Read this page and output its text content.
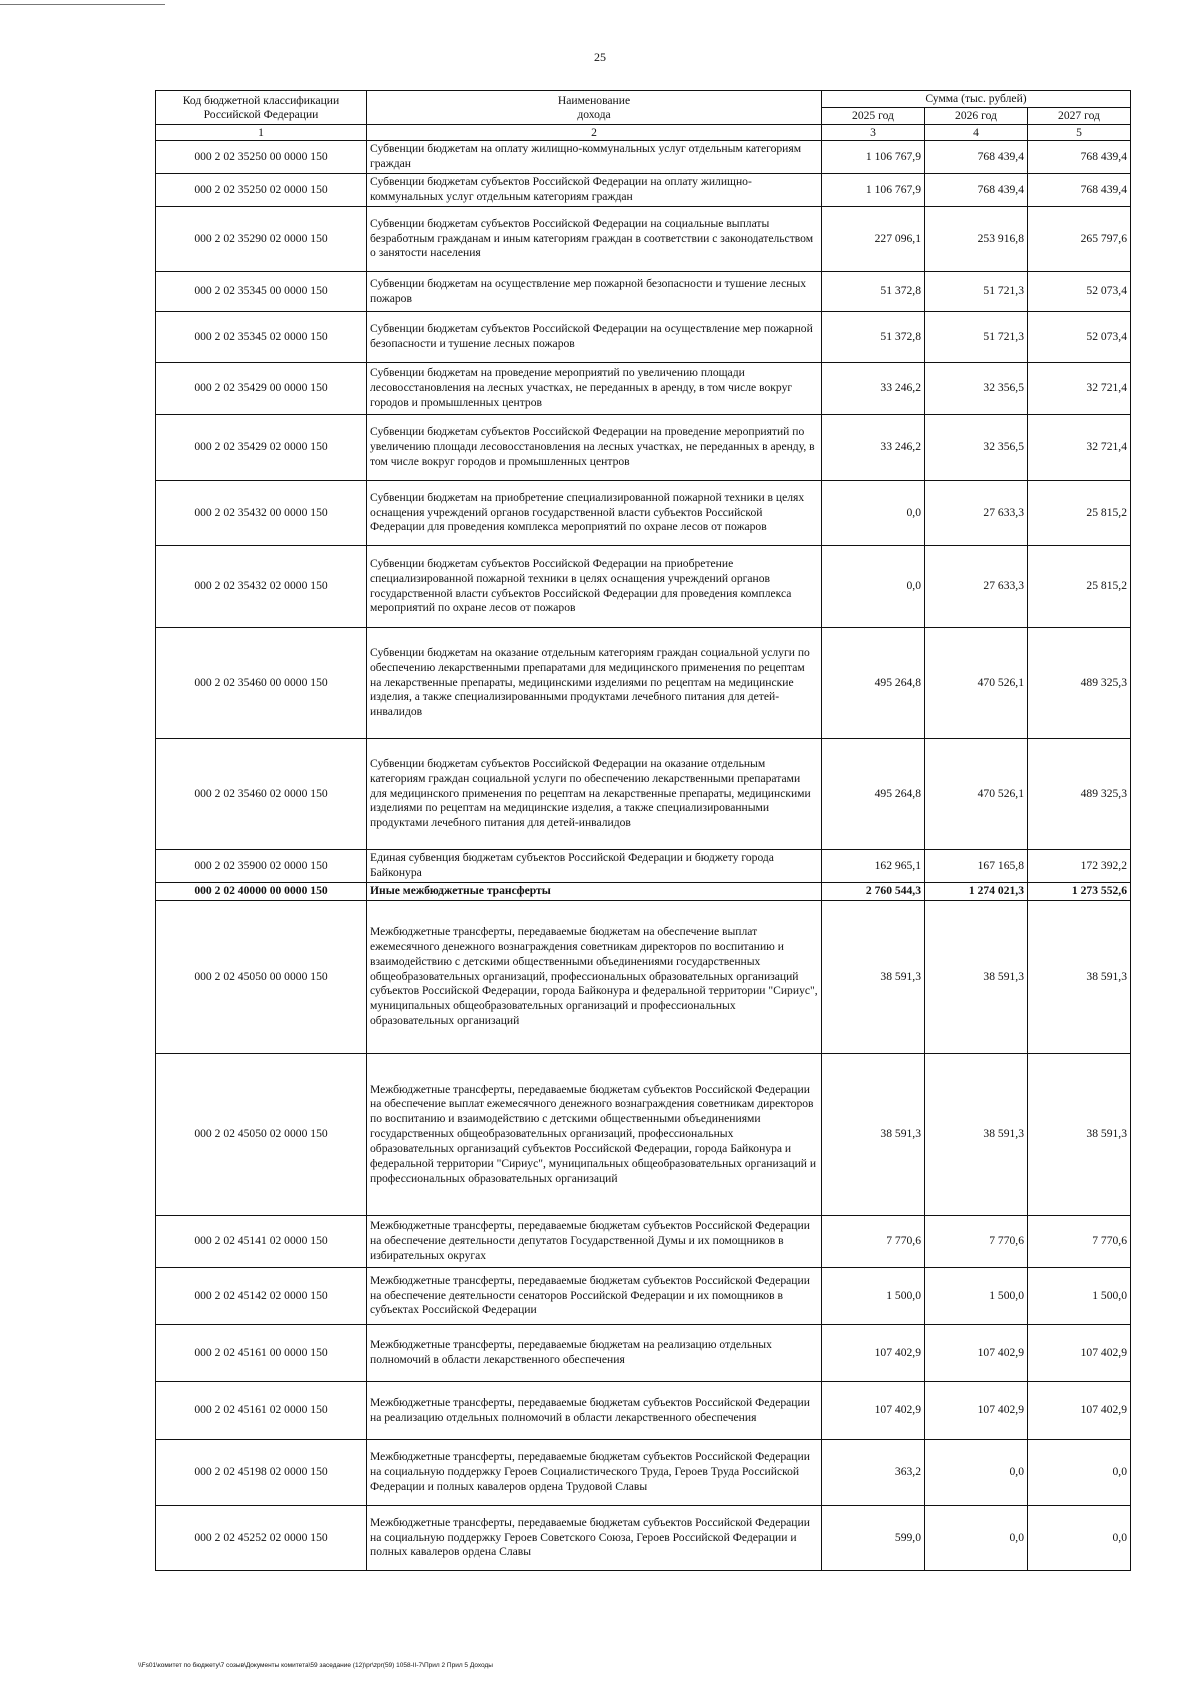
25
Код бюджетной классификации Российской Федерации	Наименование дохода	Сумма (тыс. рублей)		
		2025 год	2026 год	2027 год
1	2	3	4	5
000 2 02 35250 00 0000 150	Субвенции бюджетам на оплату жилищно-коммунальных услуг отдельным категориям граждан	1 106 767,9	768 439,4	768 439,4
000 2 02 35250 02 0000 150	Субвенции бюджетам субъектов Российской Федерации на оплату жилищно-коммунальных услуг отдельным категориям граждан	1 106 767,9	768 439,4	768 439,4
000 2 02 35290 02 0000 150	Субвенции бюджетам субъектов Российской Федерации на социальные выплаты безработным гражданам и иным категориям граждан в соответствии с законодательством о занятости населения	227 096,1	253 916,8	265 797,6
000 2 02 35345 00 0000 150	Субвенции бюджетам на осуществление мер пожарной безопасности и тушение лесных пожаров	51 372,8	51 721,3	52 073,4
000 2 02 35345 02 0000 150	Субвенции бюджетам субъектов Российской Федерации на осуществление мер пожарной безопасности и тушение лесных пожаров	51 372,8	51 721,3	52 073,4
000 2 02 35429 00 0000 150	Субвенции бюджетам на проведение мероприятий по увеличению площади лесовосстановления на лесных участках, не переданных в аренду, в том числе вокруг городов и промышленных центров	33 246,2	32 356,5	32 721,4
000 2 02 35429 02 0000 150	Субвенции бюджетам субъектов Российской Федерации на проведение мероприятий по увеличению площади лесовосстановления на лесных участках, не переданных в аренду, в том числе вокруг городов и промышленных центров	33 246,2	32 356,5	32 721,4
000 2 02 35432 00 0000 150	Субвенции бюджетам на приобретение специализированной пожарной техники в целях оснащения учреждений органов государственной власти субъектов Российской Федерации для проведения комплекса мероприятий по охране лесов от пожаров	0,0	27 633,3	25 815,2
000 2 02 35432 02 0000 150	Субвенции бюджетам субъектов Российской Федерации на приобретение специализированной пожарной техники в целях оснащения учреждений органов государственной власти субъектов Российской Федерации для проведения комплекса мероприятий по охране лесов от пожаров	0,0	27 633,3	25 815,2
000 2 02 35460 00 0000 150	Субвенции бюджетам на оказание отдельным категориям граждан социальной услуги по обеспечению лекарственными препаратами для медицинского применения по рецептам на лекарственные препараты, медицинскими изделиями по рецептам на медицинские изделия, а также специализированными продуктами лечебного питания для детей-инвалидов	495 264,8	470 526,1	489 325,3
000 2 02 35460 02 0000 150	Субвенции бюджетам субъектов Российской Федерации на оказание отдельным категориям граждан социальной услуги по обеспечению лекарственными препаратами для медицинского применения по рецептам на лекарственные препараты, медицинскими изделиями по рецептам на медицинские изделия, а также специализированными продуктами лечебного питания для детей-инвалидов	495 264,8	470 526,1	489 325,3
000 2 02 35900 02 0000 150	Единая субвенция бюджетам субъектов Российской Федерации и бюджету города Байконура	162 965,1	167 165,8	172 392,2
000 2 02 40000 00 0000 150	Иные межбюджетные трансферты	2 760 544,3	1 274 021,3	1 273 552,6
000 2 02 45050 00 0000 150	Межбюджетные трансферты, передаваемые бюджетам на обеспечение выплат ежемесячного денежного вознаграждения советникам директоров по воспитанию и взаимодействию с детскими общественными объединениями государственных общеобразовательных организаций, профессиональных образовательных организаций субъектов Российской Федерации, города Байконура и федеральной территории "Сириус", муниципальных общеобразовательных организаций и профессиональных образовательных организаций	38 591,3	38 591,3	38 591,3
000 2 02 45050 02 0000 150	Межбюджетные трансферты, передаваемые бюджетам субъектов Российской Федерации на обеспечение выплат ежемесячного денежного вознаграждения советникам директоров по воспитанию и взаимодействию с детскими общественными объединениями государственных общеобразовательных организаций, профессиональных образовательных организаций субъектов Российской Федерации, города Байконура и федеральной территории "Сириус", муниципальных общеобразовательных организаций и профессиональных образовательных организаций	38 591,3	38 591,3	38 591,3
000 2 02 45141 02 0000 150	Межбюджетные трансферты, передаваемые бюджетам субъектов Российской Федерации на обеспечение деятельности депутатов Государственной Думы и их помощников в избирательных округах	7 770,6	7 770,6	7 770,6
000 2 02 45142 02 0000 150	Межбюджетные трансферты, передаваемые бюджетам субъектов Российской Федерации на обеспечение деятельности сенаторов Российской Федерации и их помощников в субъектах Российской Федерации	1 500,0	1 500,0	1 500,0
000 2 02 45161 00 0000 150	Межбюджетные трансферты, передаваемые бюджетам на реализацию отдельных полномочий в области лекарственного обеспечения	107 402,9	107 402,9	107 402,9
000 2 02 45161 02 0000 150	Межбюджетные трансферты, передаваемые бюджетам субъектов Российской Федерации на реализацию отдельных полномочий в области лекарственного обеспечения	107 402,9	107 402,9	107 402,9
000 2 02 45198 02 0000 150	Межбюджетные трансферты, передаваемые бюджетам субъектов Российской Федерации на социальную поддержку Героев Социалистического Труда, Героев Труда Российской Федерации и полных кавалеров ордена Трудовой Славы	363,2	0,0	0,0
000 2 02 45252 02 0000 150	Межбюджетные трансферты, передаваемые бюджетам субъектов Российской Федерации на социальную поддержку Героев Советского Союза, Героев Российской Федерации и полных кавалеров ордена Славы	599,0	0,0	0,0
\\Fs01\комитет по бюджету\7 созыв\Документы комитета\59 заседание (12)\pr\zpr(59) 1058-II-7\Прил 2 Прил 5 Доходы
